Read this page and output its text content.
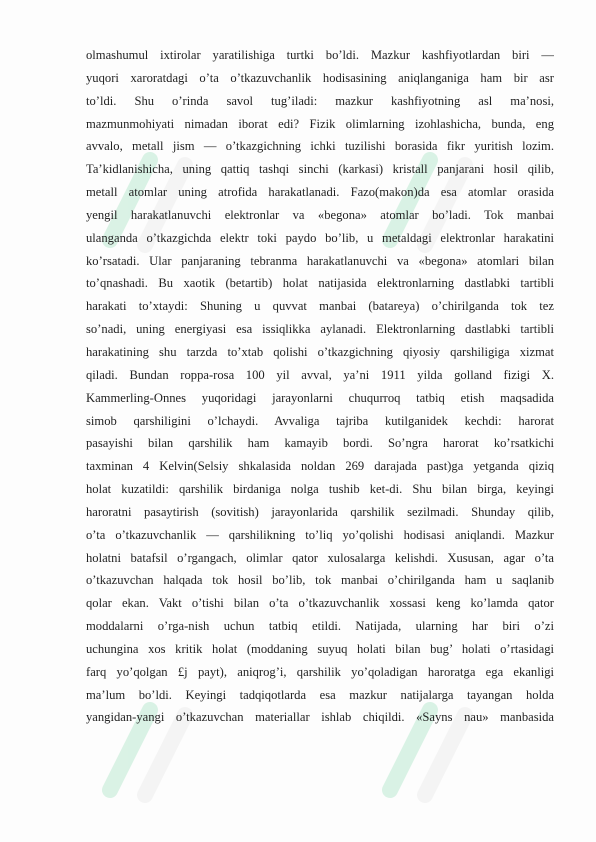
olmashumul ixtirolar yaratilishiga turtki bo’ldi. Mazkur kashfiyotlardan biri —
yuqori xaroratdagi o’ta o’tkazuvchanlik hodisasining aniqlanganiga ham bir asr
to’ldi. Shu o’rinda savol tug’iladi: mazkur kashfiyotning asl ma’nosi,
mazmunmohiyati nimadan iborat edi? Fizik olimlarning izohlashicha, bunda, eng
avvalo, metall jism — o’tkazgichning ichki tuzilishi borasida fikr yuritish lozim.
Ta’kidlanishicha, uning qattiq tashqi sinchi (karkasi) kristall panjarani hosil qilib,
metall atomlar uning atrofida harakatlanadi. Fazo(makon)da esa atomlar orasida
yengil harakatlanuvchi elektronlar va «begona» atomlar bo’ladi. Tok manbai
ulanganda o’tkazgichda elektr toki paydo bo’lib, u metaldagi elektronlar harakatini
ko’rsatadi. Ular panjaraning tebranma harakatlanuvchi va «begona» atomlari bilan
to’qnashadi. Bu xaotik (betartib) holat natijasida elektronlarning dastlabki tartibli
harakati to’xtaydi: Shuning u quvvat manbai (batareya) o’chirilganda tok tez
so’nadi, uning energiyasi esa issiqlikka aylanadi. Elektronlarning dastlabki tartibli
harakatining shu tarzda to’xtab qolishi o’tkazgichning qiyosiy qarshiligiga xizmat
qiladi. Bundan roppa-rosa 100 yil avval, ya’ni 1911 yilda golland fizigi X.
Kammerling-Onnes yuqoridagi jarayonlarni chuqurroq tatbiq etish maqsadida
simob qarshiligini o’lchaydi. Avvaliga tajriba kutilganidek kechdi: harorat
pasayishi bilan qarshilik ham kamayib bordi. So’ngra harorat ko’rsatkichi
taxminan 4 Kelvin(Selsiy shkalasida noldan 269 darajada past)ga yetganda qiziq
holat kuzatildi: qarshilik birdaniga nolga tushib ket-di. Shu bilan birga, keyingi
haroratni pasaytirish (sovitish) jarayonlarida qarshilik sezilmadi. Shunday qilib,
o’ta o’tkazuvchanlik — qarshilikning to’liq yo’qolishi hodisasi aniqlandi. Mazkur
holatni batafsil o’rgangach, olimlar qator xulosalarga kelishdi. Xususan, agar o’ta
o’tkazuvchan halqada tok hosil bo’lib, tok manbai o’chirilganda ham u saqlanib
qolar ekan. Vakt o’tishi bilan o’ta o’tkazuvchanlik xossasi keng ko’lamda qator
moddalarni o’rga-nish uchun tatbiq etildi. Natijada, ularning har biri o’zi
uchungina xos kritik holat (moddaning suyuq holati bilan bug’ holati o’rtasidagi
farq yo’qolgan £j payt), aniqrog’i, qarshilik yo’qoladigan haroratga ega ekanligi
ma’lum bo’ldi. Keyingi tadqiqotlarda esa mazkur natijalarga tayangan holda
yangidan-yangi o’tkazuvchan materiallar ishlab chiqildi. «Sayns nau» manbasida
